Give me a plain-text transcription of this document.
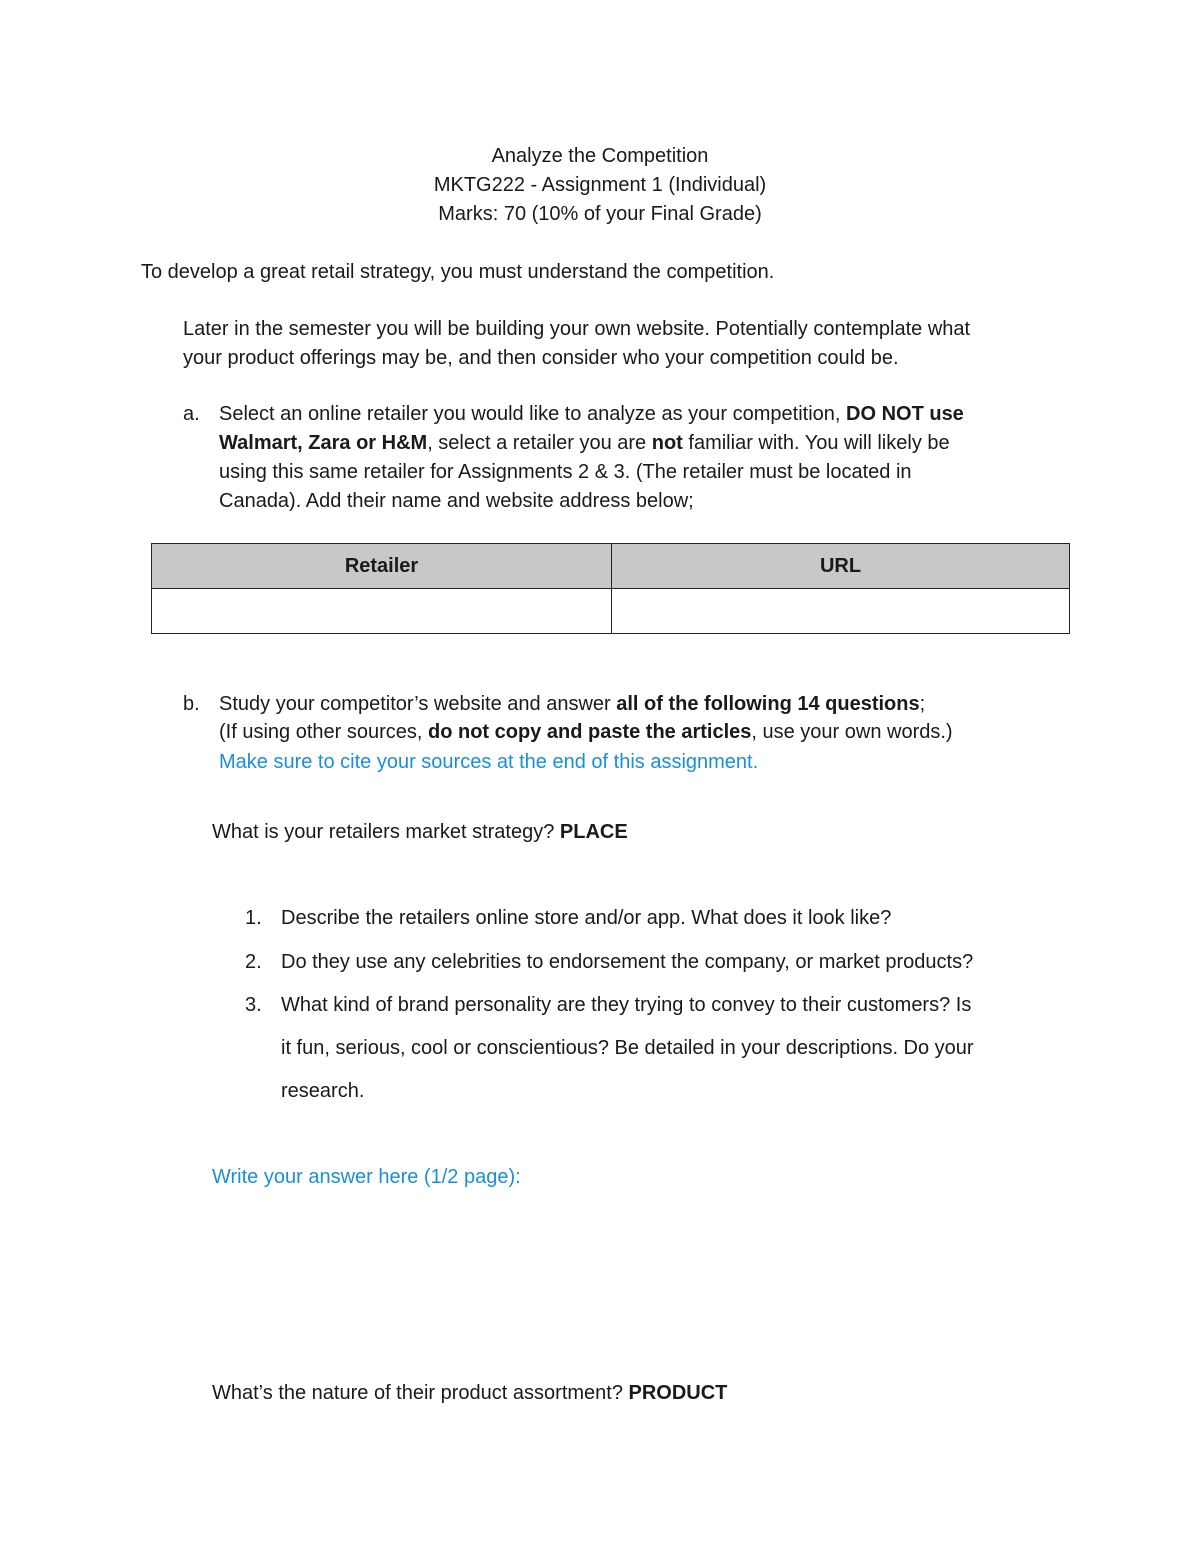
Analyze the Competition
MKTG222 - Assignment 1 (Individual)
Marks: 70 (10% of your Final Grade)
To develop a great retail strategy, you must understand the competition.
Later in the semester you will be building your own website. Potentially contemplate what
your product offerings may be, and then consider who your competition could be.
a. Select an online retailer you would like to analyze as your competition, DO NOT use
Walmart, Zara or H&M, select a retailer you are not familiar with. You will likely be
using this same retailer for Assignments 2 & 3. (The retailer must be located in
Canada). Add their name and website address below;
Retailer	URL

b. Study your competitor’s website and answer all of the following 14 questions;
(If using other sources, do not copy and paste the articles, use your own words.)
Make sure to cite your sources at the end of this assignment.
What is your retailers market strategy? PLACE
1. Describe the retailers online store and/or app. What does it look like?
2. Do they use any celebrities to endorsement the company, or market products?
3. What kind of brand personality are they trying to convey to their customers? Is
it fun, serious, cool or conscientious? Be detailed in your descriptions. Do your
research.
Write your answer here (1/2 page):
What’s the nature of their product assortment? PRODUCT
